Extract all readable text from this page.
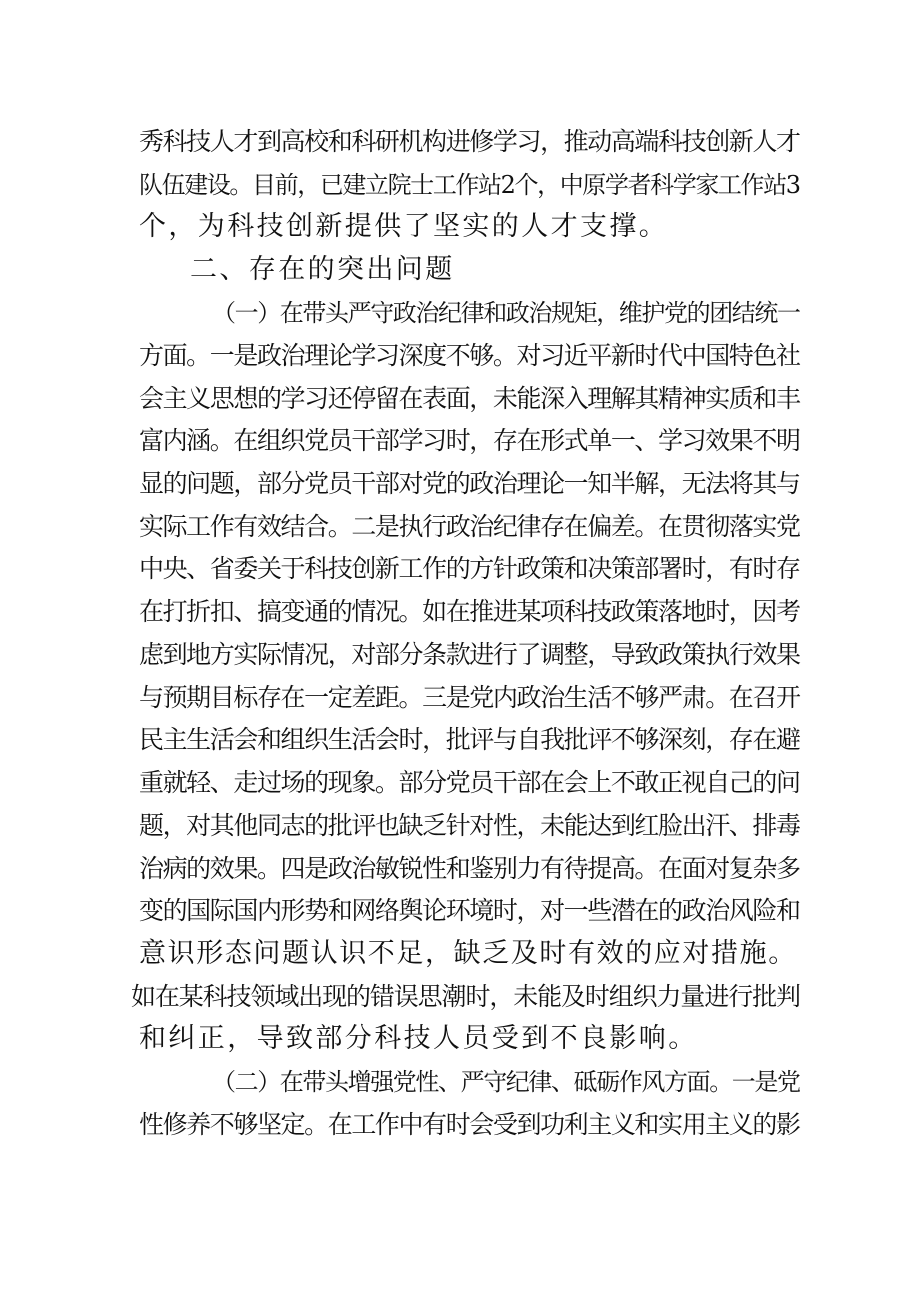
秀科技人才到高校和科研机构进修学习，推动高端科技创新人才
队伍建设。目前，已建立院士工作站2个，中原学者科学家工作站3
个，为科技创新提供了坚实的人才支撑。
二、存在的突出问题
（一）在带头严守政治纪律和政治规矩，维护党的团结统一
方面。一是政治理论学习深度不够。对习近平新时代中国特色社
会主义思想的学习还停留在表面，未能深入理解其精神实质和丰
富内涵。在组织党员干部学习时，存在形式单一、学习效果不明
显的问题，部分党员干部对党的政治理论一知半解，无法将其与
实际工作有效结合。二是执行政治纪律存在偏差。在贯彻落实党
中央、省委关于科技创新工作的方针政策和决策部署时，有时存
在打折扣、搞变通的情况。如在推进某项科技政策落地时，因考
虑到地方实际情况，对部分条款进行了调整，导致政策执行效果
与预期目标存在一定差距。三是党内政治生活不够严肃。在召开
民主生活会和组织生活会时，批评与自我批评不够深刻，存在避
重就轻、走过场的现象。部分党员干部在会上不敢正视自己的问
题，对其他同志的批评也缺乏针对性，未能达到红脸出汗、排毒
治病的效果。四是政治敏锐性和鉴别力有待提高。在面对复杂多
变的国际国内形势和网络舆论环境时，对一些潜在的政治风险和
意识形态问题认识不足，缺乏及时有效的应对措施。
如在某科技领域出现的错误思潮时，未能及时组织力量进行批判
和纠正，导致部分科技人员受到不良影响。
（二）在带头增强党性、严守纪律、砥砺作风方面。一是党
性修养不够坚定。在工作中有时会受到功利主义和实用主义的影
